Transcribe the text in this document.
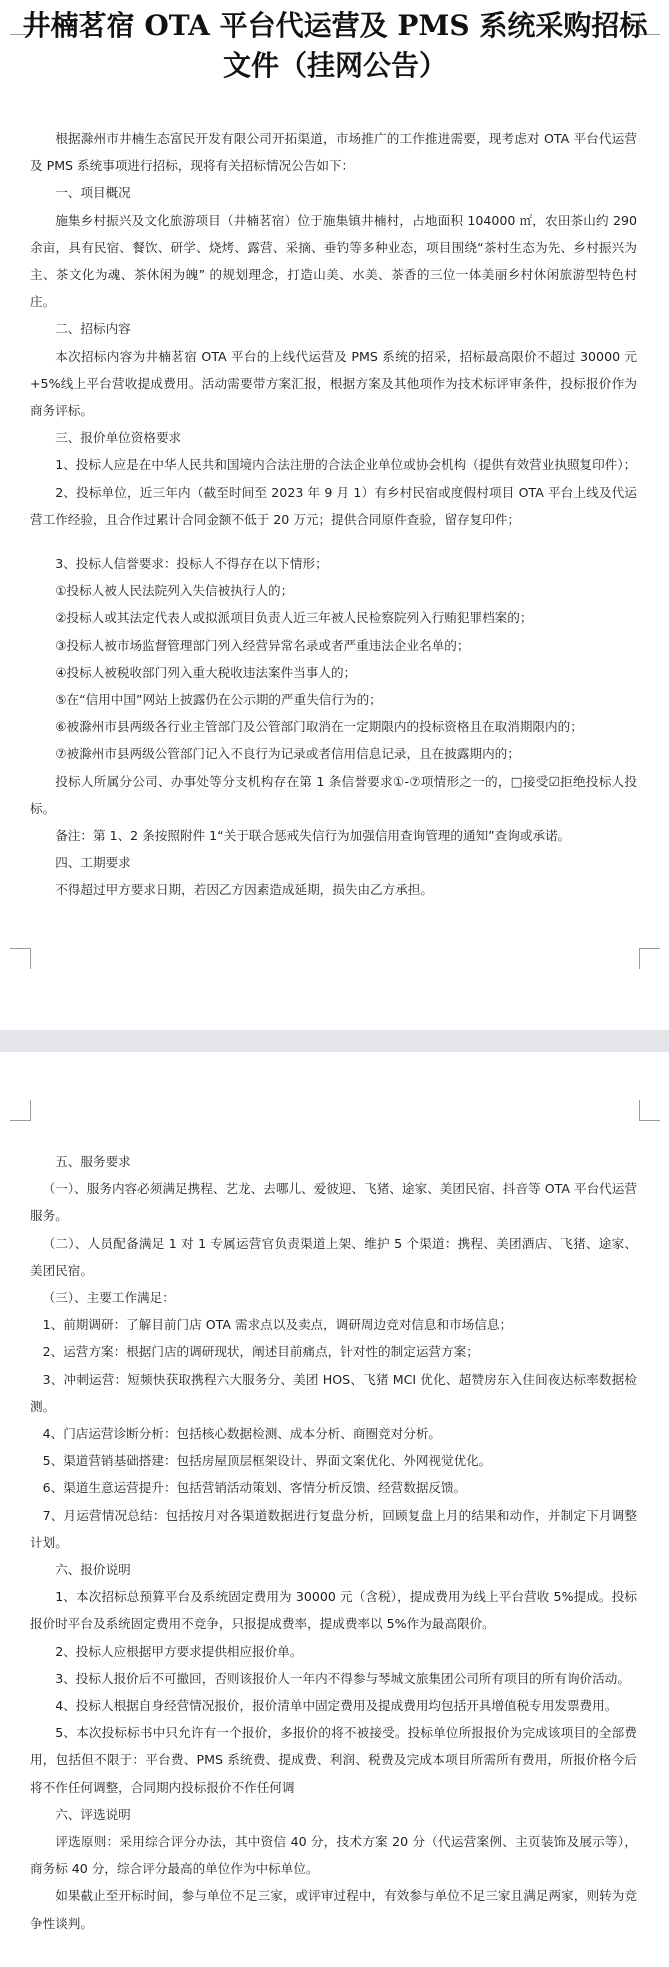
井楠茗宿 OTA 平台代运营及 PMS 系统采购招标文件（挂网公告）

根据滁州市井楠生态富民开发有限公司开拓渠道，市场推广的工作推进需要，现考虑对 OTA 平台代运营及 PMS 系统事项进行招标，现将有关招标情况公告如下：

一、项目概况

施集乡村振兴及文化旅游项目（井楠茗宿）位于施集镇井楠村，占地面积 104000 ㎡，农田茶山约 290 余亩，具有民宿、餐饮、研学、烧烤、露营、采摘、垂钓等多种业态，项目围绕“茶村生态为先、乡村振兴为主、茶文化为魂、茶休闲为魄” 的规划理念，打造山美、水美、茶香的三位一体美丽乡村休闲旅游型特色村庄。

二、招标内容

本次招标内容为井楠茗宿 OTA 平台的上线代运营及 PMS 系统的招采，招标最高限价不超过 30000 元+5%线上平台营收提成费用。活动需要带方案汇报，根据方案及其他项作为技术标评审条件，投标报价作为商务评标。

三、报价单位资格要求

1、投标人应是在中华人民共和国境内合法注册的合法企业单位或协会机构（提供有效营业执照复印件）；

2、投标单位，近三年内（截至时间至 2023 年 9 月 1）有乡村民宿或度假村项目 OTA 平台上线及代运营工作经验，且合作过累计合同金额不低于 20 万元；提供合同原件查验，留存复印件；

3、投标人信誉要求：投标人不得存在以下情形；

①投标人被人民法院列入失信被执行人的；

②投标人或其法定代表人或拟派项目负责人近三年被人民检察院列入行贿犯罪档案的；

③投标人被市场监督管理部门列入经营异常名录或者严重违法企业名单的；

④投标人被税收部门列入重大税收违法案件当事人的；

⑤在“信用中国”网站上披露仍在公示期的严重失信行为的；

⑥被滁州市县两级各行业主管部门及公管部门取消在一定期限内的投标资格且在取消期限内的；

⑦被滁州市县两级公管部门记入不良行为记录或者信用信息记录，且在披露期内的；

投标人所属分公司、办事处等分支机构存在第 1 条信誉要求①-⑦项情形之一的，□接受☑拒绝投标人投标。

备注：第 1、2 条按照附件 1“关于联合惩戒失信行为加强信用查询管理的通知”查询或承诺。

四、工期要求

不得超过甲方要求日期，若因乙方因素造成延期，损失由乙方承担。

五、服务要求

（一）、服务内容必须满足携程、艺龙、去哪儿、爱彼迎、飞猪、途家、美团民宿、抖音等 OTA 平台代运营服务。

（二）、人员配备满足 1 对 1 专属运营官负责渠道上架、维护 5 个渠道：携程、美团酒店、飞猪、途家、美团民宿。

（三）、主要工作满足：

1、前期调研：了解目前门店 OTA 需求点以及卖点，调研周边竞对信息和市场信息；

2、运营方案：根据门店的调研现状，阐述目前痛点，针对性的制定运营方案；

3、冲刺运营：短频快获取携程六大服务分、美团 HOS、飞猪 MCI 优化、超赞房东入住间夜达标率数据检测。

4、门店运营诊断分析：包括核心数据检测、成本分析、商圈竞对分析。

5、渠道营销基础搭建：包括房屋顶层框架设计、界面文案优化、外网视觉优化。

6、渠道生意运营提升：包括营销活动策划、客情分析反馈、经营数据反馈。

7、月运营情况总结：包括按月对各渠道数据进行复盘分析，回顾复盘上月的结果和动作，并制定下月调整计划。

六、报价说明

1、本次招标总预算平台及系统固定费用为 30000 元（含税），提成费用为线上平台营收 5%提成。投标报价时平台及系统固定费用不竞争，只报提成费率，提成费率以 5%作为最高限价。

2、投标人应根据甲方要求提供相应报价单。

3、投标人报价后不可撤回，否则该报价人一年内不得参与琴城文旅集团公司所有项目的所有询价活动。

4、投标人根据自身经营情况报价，报价清单中固定费用及提成费用均包括开具增值税专用发票费用。

5、本次投标标书中只允许有一个报价，多报价的将不被接受。投标单位所报报价为完成该项目的全部费用，包括但不限于：平台费、PMS 系统费、提成费、利润、税费及完成本项目所需所有费用，所报价格今后将不作任何调整，合同期内投标报价不作任何调

六、评选说明

评选原则：采用综合评分办法，其中资信 40 分，技术方案 20 分（代运营案例、主页装饰及展示等），商务标 40 分，综合评分最高的单位作为中标单位。

如果截止至开标时间，参与单位不足三家，或评审过程中，有效参与单位不足三家且满足两家，则转为竞争性谈判。
